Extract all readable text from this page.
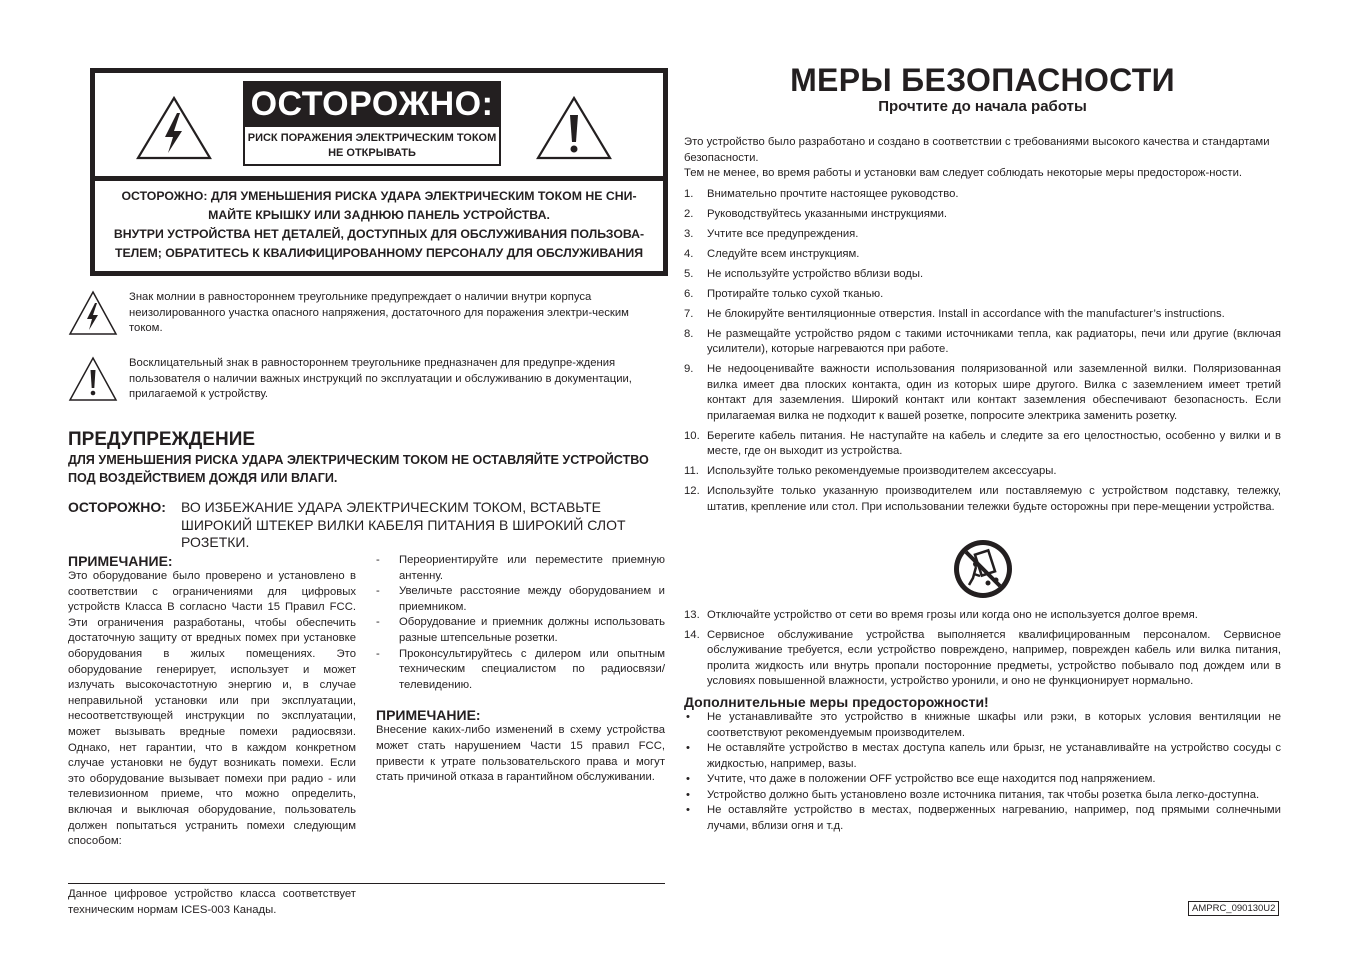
ОСТОРОЖНО:
РИСК ПОРАЖЕНИЯ ЭЛЕКТРИЧЕСКИМ ТОКОМ
НЕ ОТКРЫВАТЬ
ОСТОРОЖНО: ДЛЯ УМЕНЬШЕНИЯ РИСКА УДАРА ЭЛЕКТРИЧЕСКИМ ТОКОМ НЕ СНИ-
МАЙТЕ КРЫШКУ ИЛИ ЗАДНЮЮ ПАНЕЛЬ УСТРОЙСТВА.
ВНУТРИ УСТРОЙСТВА НЕТ ДЕТАЛЕЙ, ДОСТУПНЫХ ДЛЯ ОБСЛУЖИВАНИЯ ПОЛЬЗОВА-
ТЕЛЕМ; ОБРАТИТЕСЬ К КВАЛИФИЦИРОВАННОМУ ПЕРСОНАЛУ ДЛЯ ОБСЛУЖИВАНИЯ
Знак молнии в равностороннем треугольнике предупреждает о наличии внутри корпуса неизолированного участка опасного напряжения, достаточного для поражения электри-ческим током.
Восклицательный знак в равностороннем треугольнике предназначен для предупре-ждения пользователя о наличии важных инструкций по эксплуатации и обслуживанию в документации, прилагаемой к устройству.
ПРЕДУПРЕЖДЕНИЕ
ДЛЯ УМЕНЬШЕНИЯ РИСКА УДАРА ЭЛЕКТРИЧЕСКИМ ТОКОМ НЕ ОСТАВЛЯЙТЕ УСТРОЙСТВО ПОД ВОЗДЕЙСТВИЕМ ДОЖДЯ ИЛИ ВЛАГИ.
ОСТОРОЖНО: ВО ИЗБЕЖАНИЕ УДАРА ЭЛЕКТРИЧЕСКИМ ТОКОМ, ВСТАВЬТЕ ШИРОКИЙ ШТЕКЕР ВИЛКИ КАБЕЛЯ ПИТАНИЯ В ШИРОКИЙ СЛОТ РОЗЕТКИ.
ПРИМЕЧАНИЕ:
Это оборудование было проверено и установлено в соответствии с ограничениями для цифровых устройств Класса В согласно Части 15 Правил FCC. Эти ограничения разработаны, чтобы обеспечить достаточную защиту от вредных помех при установке оборудования в жилых помещениях. Это оборудование генерирует, использует и может излучать высокочастотную энергию и, в случае неправильной установки или при эксплуатации, несоответствующей инструкции по эксплуатации, может вызывать вредные помехи радиосвязи. Однако, нет гарантии, что в каждом конкретном случае установки не будут возникать помехи. Если это оборудование вызывает помехи при радио - или телевизионном приеме, что можно определить, включая и выключая оборудование, пользователь должен попытаться устранить помехи следующим способом:
- Переориентируйте или переместите приемную антенну.
- Увеличьте расстояние между оборудованием и приемником.
- Оборудование и приемник должны использовать разные штепсельные розетки.
- Проконсультируйтесь с дилером или опытным техническим специалистом по радиосвязи/телевидению.
ПРИМЕЧАНИЕ:
Внесение каких-либо изменений в схему устройства может стать нарушением Части 15 правил FCC, привести к утрате пользовательского права и могут стать причиной отказа в гарантийном обслуживании.
Данное цифровое устройство класса соответствует техническим нормам ICES-003 Канады.
МЕРЫ БЕЗОПАСНОСТИ
Прочтите до начала работы
Это устройство было разработано и создано в соответствии с требованиями высокого качества и стандартами безопасности.
Тем не менее, во время работы и установки вам следует соблюдать некоторые меры предосторож-ности.
1. Внимательно прочтите настоящее руководство.
2. Руководствуйтесь указанными инструкциями.
3. Учтите все предупреждения.
4. Следуйте всем инструкциям.
5. Не используйте устройство вблизи воды.
6. Протирайте только сухой тканью.
7. Не блокируйте вентиляционные отверстия. Install in accordance with the manufacturer’s instructions.
8. Не размещайте устройство рядом с такими источниками тепла, как радиаторы, печи или другие (включая усилители), которые нагреваются при работе.
9. Не недооценивайте важности использования поляризованной или заземленной вилки. Поляризованная вилка имеет два плоских контакта, один из которых шире другого. Вилка с заземлением имеет третий контакт для заземления. Широкий контакт или контакт заземления обеспечивают безопасность. Если прилагаемая вилка не подходит к вашей розетке, попросите электрика заменить розетку.
10. Берегите кабель питания. Не наступайте на кабель и следите за его целостностью, особенно у вилки и в месте, где он выходит из устройства.
11. Используйте только рекомендуемые производителем аксессуары.
12. Используйте только указанную производителем или поставляемую с устройством подставку, тележку, штатив, крепление или стол. При использовании тележки будьте осторожны при пере-мещении устройства.
13. Отключайте устройство от сети во время грозы или когда оно не используется долгое время.
14. Сервисное обслуживание устройства выполняется квалифицированным персоналом. Сервисное обслуживание требуется, если устройство повреждено, например, поврежден кабель или вилка питания, пролита жидкость или внутрь пропали посторонние предметы, устройство побывало под дождем или в условиях повышенной влажности, устройство уронили, и оно не функционирует нормально.
Дополнительные меры предосторожности!
• Не устанавливайте это устройство в книжные шкафы или рэки, в которых условия вентиляции не соответствуют рекомендуемым производителем.
• Не оставляйте устройство в местах доступа капель или брызг, не устанавливайте на устройство сосуды с жидкостью, например, вазы.
• Учтите, что даже в положении OFF устройство все еще находится под напряжением.
• Устройство должно быть установлено возле источника питания, так чтобы розетка была легко-доступна.
• Не оставляйте устройство в местах, подверженных нагреванию, например, под прямыми солнечными лучами, вблизи огня и т.д.
AMPRC_090130U2
